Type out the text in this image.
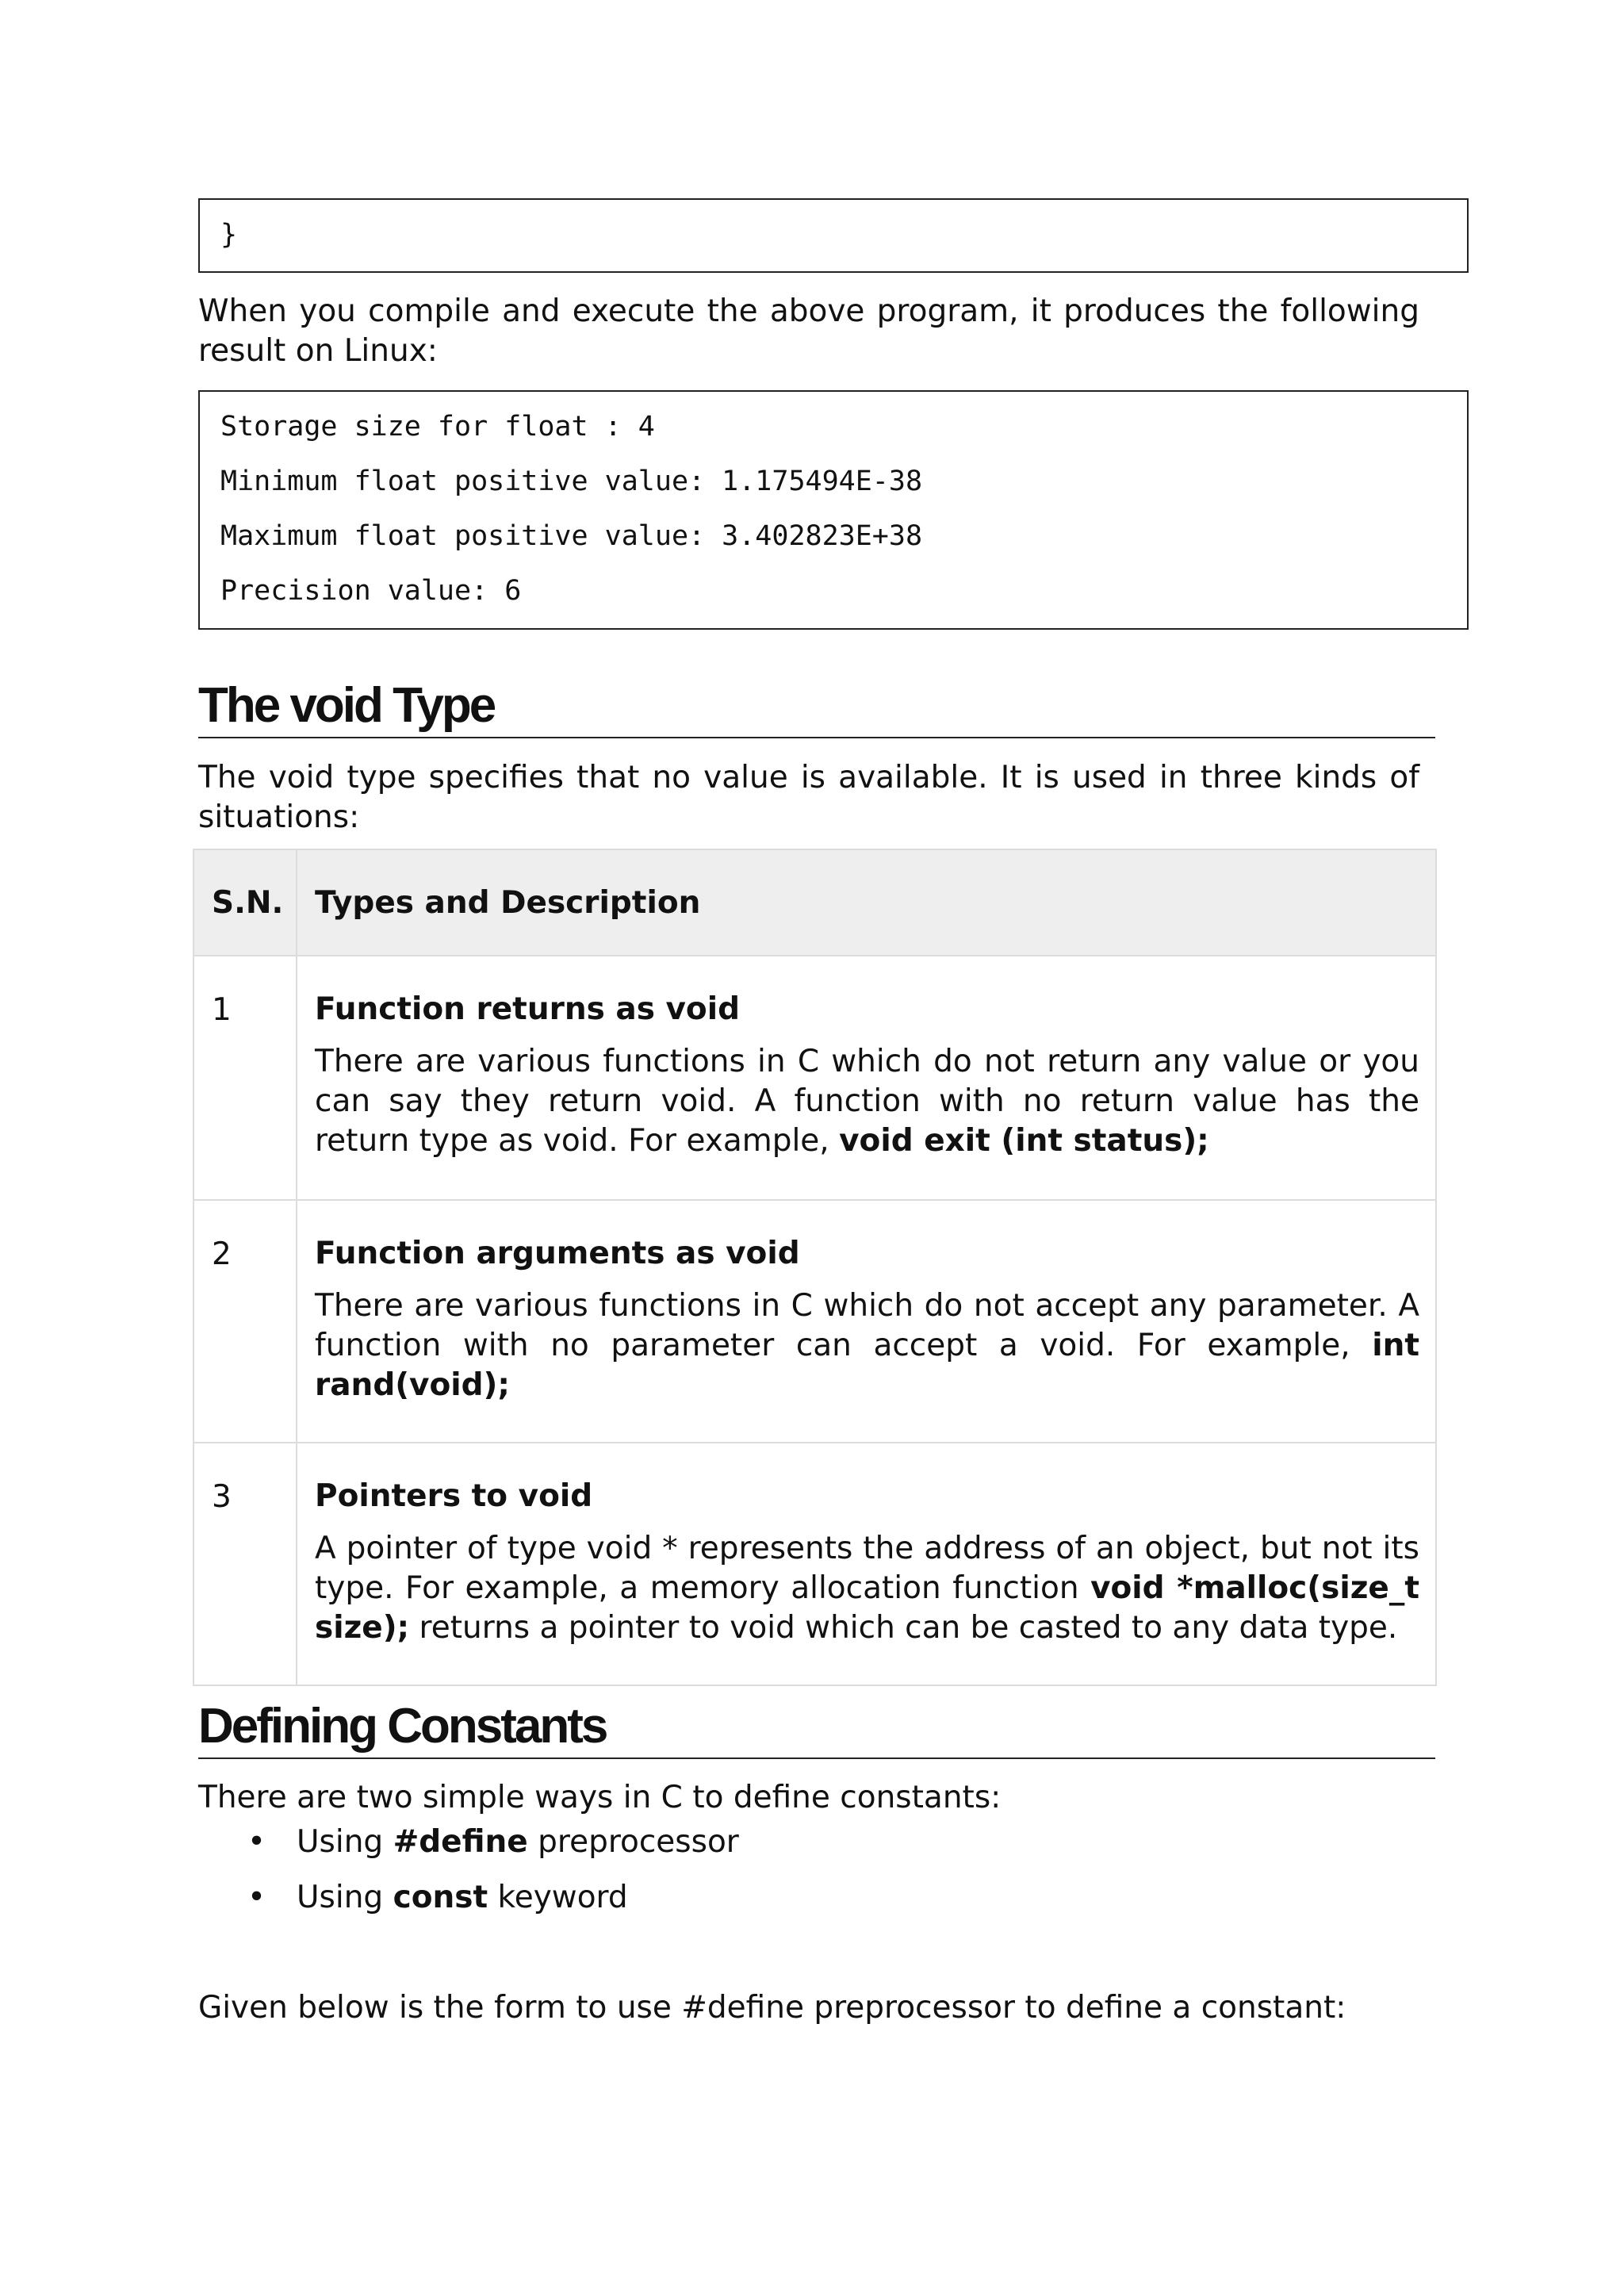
}
When you compile and execute the above program, it produces the following result on Linux:
Storage size for float : 4
Minimum float positive value: 1.175494E-38
Maximum float positive value: 3.402823E+38
Precision value: 6
The void Type
The void type specifies that no value is available. It is used in three kinds of situations:
S.N.	Types and Description
1	Function returns as void
There are various functions in C which do not return any value or you can say they return void. A function with no return value has the return type as void. For example, void exit (int status);

2	Function arguments as void
There are various functions in C which do not accept any parameter. A function with no parameter can accept a void. For example, int rand(void);

3	Pointers to void
A pointer of type void * represents the address of an object, but not its type. For example, a memory allocation function void *malloc(size_t size); returns a pointer to void which can be casted to any data type.
Defining Constants
There are two simple ways in C to define constants:
• Using #define preprocessor
• Using const keyword
Given below is the form to use #define preprocessor to define a constant:
